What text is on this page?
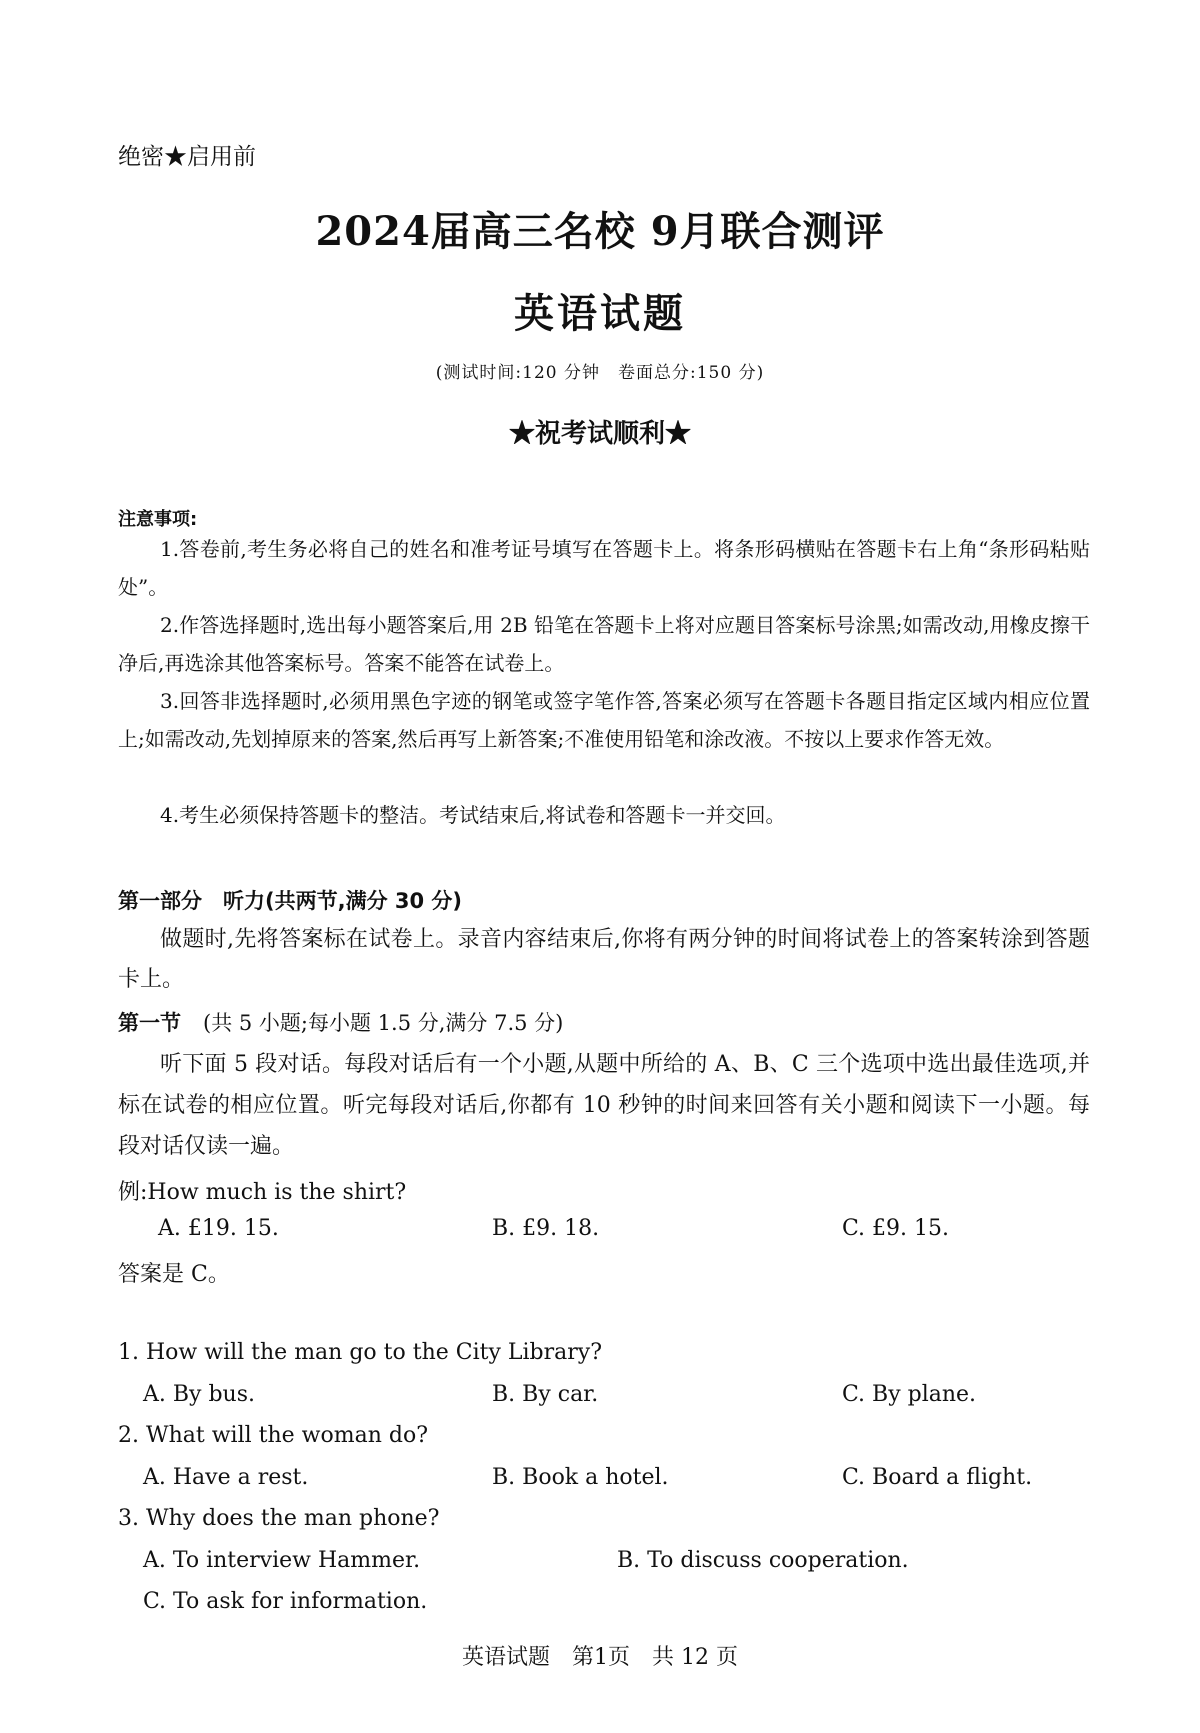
绝密★启用前
2024届高三名校 9月联合测评
英语试题
(测试时间:120 分钟　卷面总分:150 分)
★祝考试顺利★
注意事项:
1.答卷前,考生务必将自己的姓名和准考证号填写在答题卡上。将条形码横贴在答题卡右上角“条形码粘贴处”。
2.作答选择题时,选出每小题答案后,用 2B 铅笔在答题卡上将对应题目答案标号涂黑;如需改动,用橡皮擦干净后,再选涂其他答案标号。答案不能答在试卷上。
3.回答非选择题时,必须用黑色字迹的钢笔或签字笔作答,答案必须写在答题卡各题目指定区域内相应位置上;如需改动,先划掉原来的答案,然后再写上新答案;不准使用铅笔和涂改液。不按以上要求作答无效。
4.考生必须保持答题卡的整洁。考试结束后,将试卷和答题卡一并交回。
第一部分　听力(共两节,满分 30 分)
做题时,先将答案标在试卷上。录音内容结束后,你将有两分钟的时间将试卷上的答案转涂到答题卡上。
第一节 (共 5 小题;每小题 1.5 分,满分 7.5 分)
听下面 5 段对话。每段对话后有一个小题,从题中所给的 A、B、C 三个选项中选出最佳选项,并标在试卷的相应位置。听完每段对话后,你都有 10 秒钟的时间来回答有关小题和阅读下一小题。每段对话仅读一遍。
例:How much is the shirt?
A. £19. 15.	B. £9. 18.	C. £9. 15.
答案是 C。
1. How will the man go to the City Library?
A. By bus.	B. By car.	C. By plane.
2. What will the woman do?
A. Have a rest.	B. Book a hotel.	C. Board a flight.
3. Why does the man phone?
A. To interview Hammer.	B. To discuss cooperation.
C. To ask for information.
英语试题　第1页　共 12 页
